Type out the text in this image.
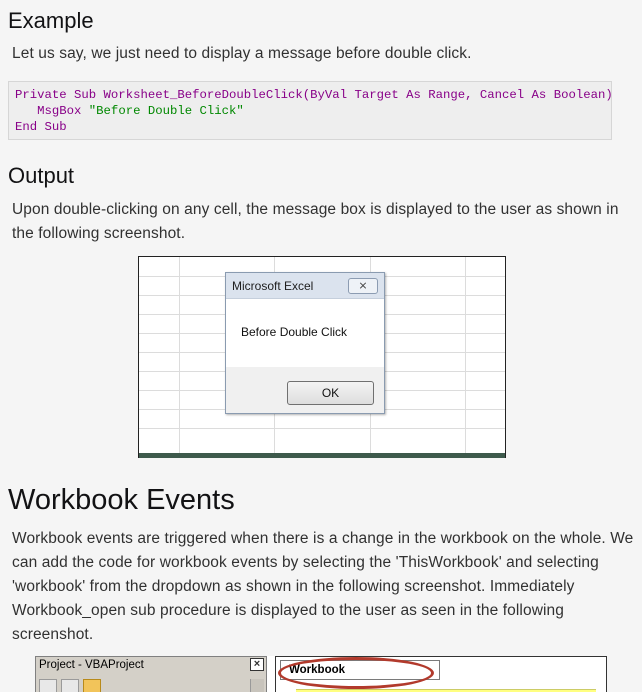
Example

Let us say, we just need to display a message before double click.

Private Sub Worksheet_BeforeDoubleClick(ByVal Target As Range, Cancel As Boolean)
MsgBox "Before Double Click"
End Sub
Output

Upon double-clicking on any cell, the message box is displayed to the user as shown in the following screenshot.

Microsoft Excel	⨯
Before Double Click
OK
Workbook Events

Workbook events are triggered when there is a change in the workbook on the whole. We can add the code for workbook events by selecting the 'ThisWorkbook' and selecting 'workbook' from the dropdown as shown in the following screenshot. Immediately Workbook_open sub procedure is displayed to the user as seen in the following screenshot.

Project - VBAProject	×	Workbook
